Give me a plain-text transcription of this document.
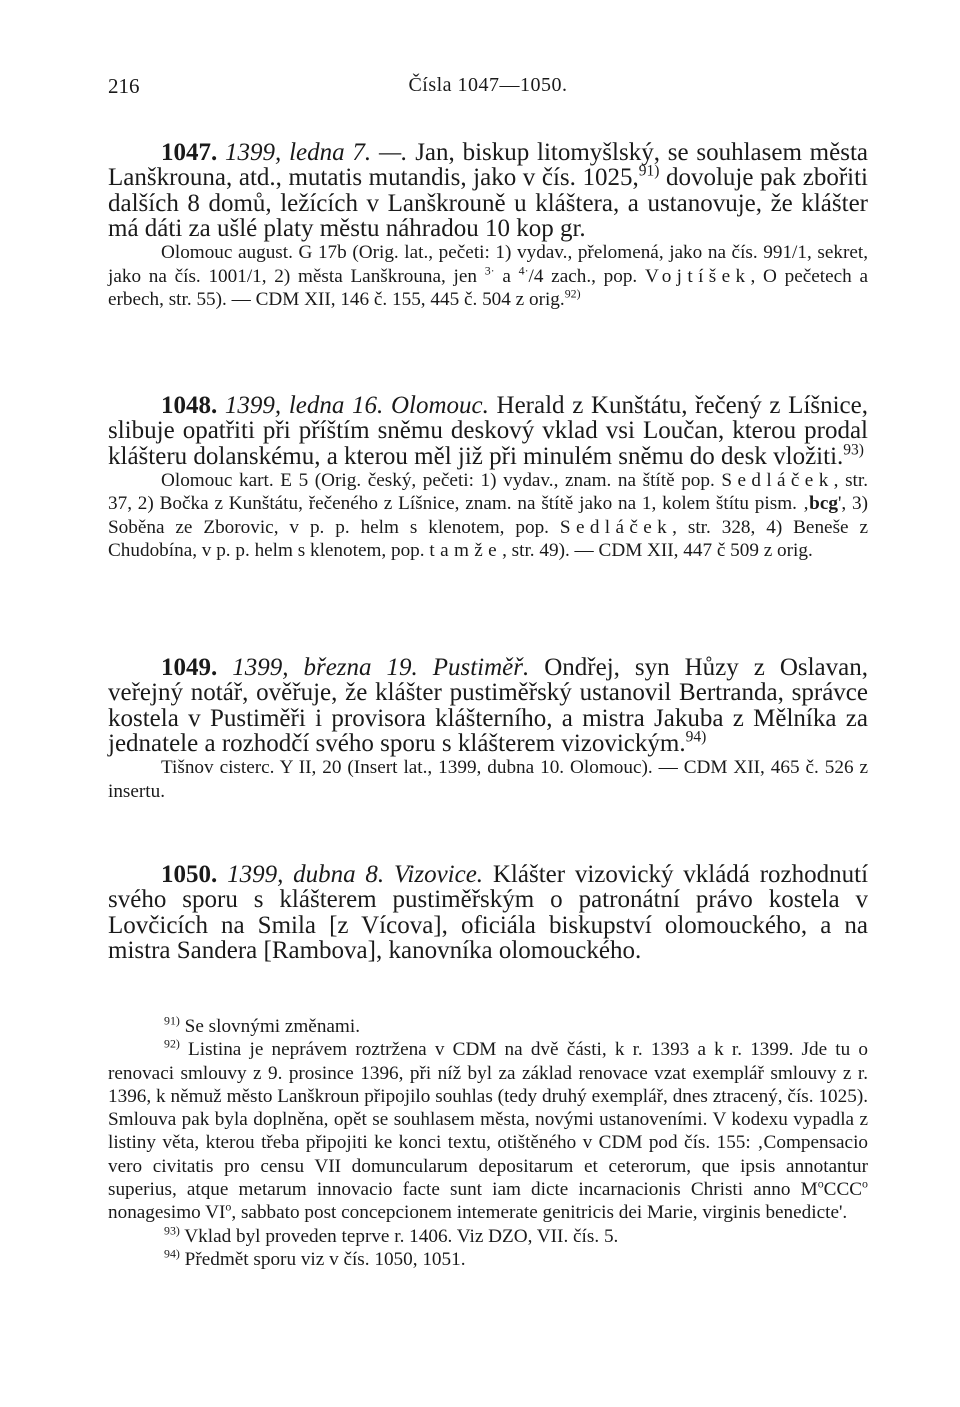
216	Čísla 1047—1050.

1047. 1399, ledna 7. —. Jan, biskup litomyšlský, se souhlasem města Lanškrouna, atd., mutatis mutandis, jako v čís. 1025,$^{91)}$ dovoluje pak zbořiti dalších 8 domů, ležících v Lanškrouně u kláštera, a ustanovuje, že klášter má dáti za ušlé platy městu náhradou 10 kop gr.

Olomouc august. G 17b (Orig. lat., pečeti: 1) vydav., přelomená, jako na čís. 991/1, sekret, jako na čís. 1001/1, 2) města Lanškrouna, jen $^{3\cdot}$ a $^{4\cdot}$/4 zach., pop. Vojtíšek, O pečetech a erbech, str. 55). — CDM XII, 146 č. 155, 445 č. 504 z orig.$^{92)}$

1048. 1399, ledna 16. Olomouc. Herald z Kunštátu, řečený z Líšnice, slibuje opatřiti při příštím sněmu deskový vklad vsi Loučan, kterou prodal klášteru dolanskému, a kterou měl již při minulém sněmu do desk vložiti.$^{93)}$

Olomouc kart. E 5 (Orig. český, pečeti: 1) vydav., znam. na štítě pop. Sedláček, str. 37, 2) Bočka z Kunštátu, řečeného z Líšnice, znam. na štítě jako na 1, kolem štítu pism. ‚bcg', 3) Soběna ze Zborovic, v p. p. helm s klenotem, pop. Sedláček, str. 328, 4) Beneše z Chudobína, v p. p. helm s klenotem, pop. tamže, str. 49). — CDM XII, 447 č 509 z orig.

1049. 1399, března 19. Pustiměř. Ondřej, syn Hůzy z Oslavan, veřejný notář, ověřuje, že klášter pustiměřský ustanovil Bertranda, správce kostela v Pustiměři i provisora klášterního, a mistra Jakuba z Mělníka za jednatele a rozhodčí svého sporu s klášterem vizovickým.$^{94)}$

Tišnov cisterc. Y II, 20 (Insert lat., 1399, dubna 10. Olomouc). — CDM XII, 465 č. 526 z insertu.

1050. 1399, dubna 8. Vizovice. Klášter vizovický vkládá rozhodnutí svého sporu s klášterem pustiměřským o patronátní právo kostela v Lovčicích na Smila [z Vícova], oficiála biskupství olomouckého, a na mistra Sandera [Rambova], kanovníka olomouckého.

$^{91)}$ Se slovnými změnami.

$^{92)}$ Listina je neprávem roztržena v CDM na dvě části, k r. 1393 a k r. 1399. Jde tu o renovaci smlouvy z 9. prosince 1396, při níž byl za základ renovace vzat exemplář smlouvy z r. 1396, k němuž město Lanškroun připojilo souhlas (tedy druhý exemplář, dnes ztracený, čís. 1025). Smlouva pak byla doplněna, opět se souhlasem města, novými ustanoveními. V kodexu vypadla z listiny věta, kterou třeba připojiti ke konci textu, otištěného v CDM pod čís. 155: ‚Compensacio vero civitatis pro censu VII domuncularum depositarum et ceterorum, que ipsis annotantur superius, atque metarum innovacio facte sunt iam dicte incarnacionis Christi anno $M^oCCC^o$ nonagesimo $VI^o$, sabbato post concepcionem intemerate genitricis dei Marie, virginis benedicte'.

$^{93)}$ Vklad byl proveden teprve r. 1406. Viz DZO, VII. čís. 5.

$^{94)}$ Předmět sporu viz v čís. 1050, 1051.
